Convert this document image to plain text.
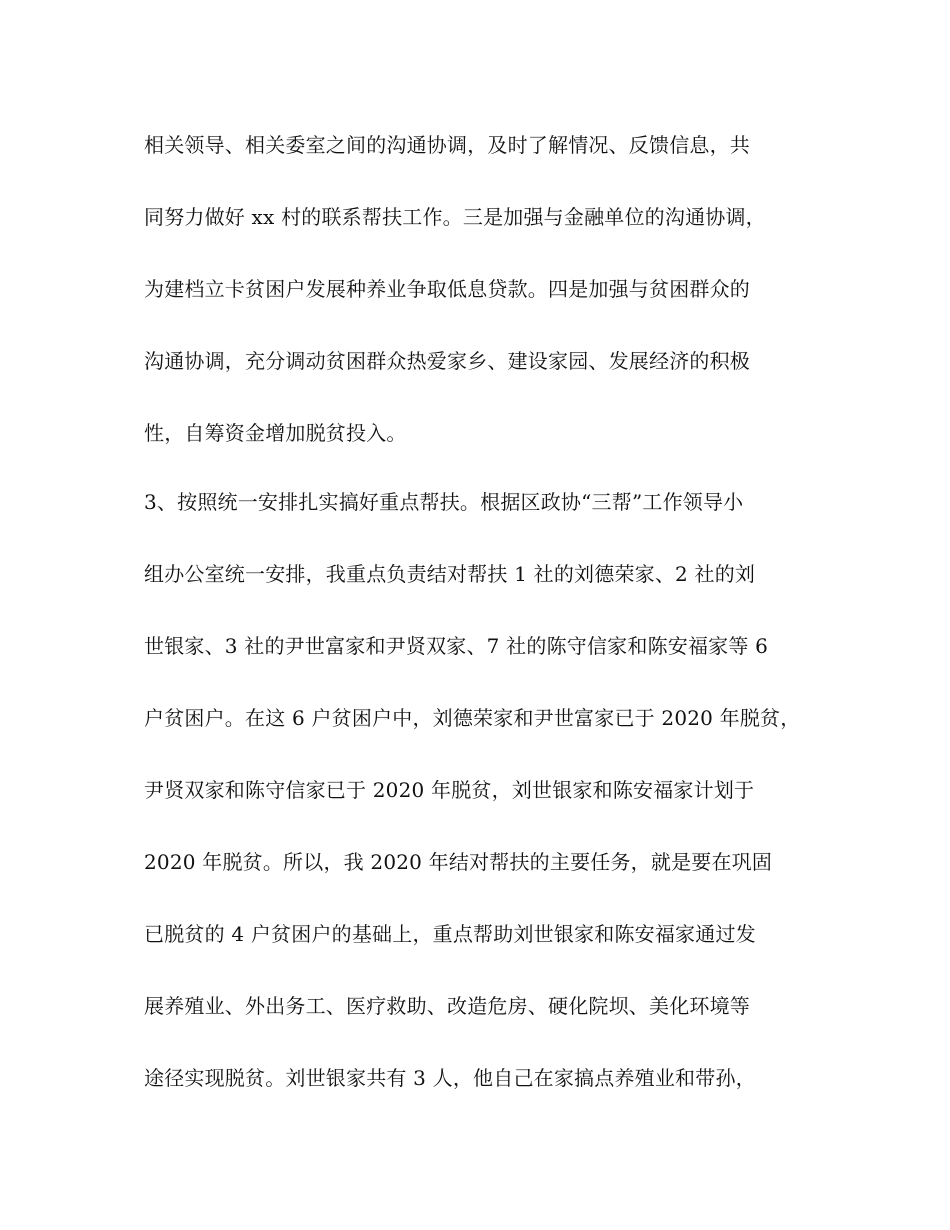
相关领导、相关委室之间的沟通协调，及时了解情况、反馈信息，共
同努力做好 xx 村的联系帮扶工作。三是加强与金融单位的沟通协调，
为建档立卡贫困户发展种养业争取低息贷款。四是加强与贫困群众的
沟通协调，充分调动贫困群众热爱家乡、建设家园、发展经济的积极
性，自筹资金增加脱贫投入。
3、按照统一安排扎实搞好重点帮扶。根据区政协“三帮”工作领导小
组办公室统一安排，我重点负责结对帮扶 1 社的刘德荣家、2 社的刘
世银家、3 社的尹世富家和尹贤双家、7 社的陈守信家和陈安福家等 6
户贫困户。在这 6 户贫困户中，刘德荣家和尹世富家已于 2020 年脱贫，
尹贤双家和陈守信家已于 2020 年脱贫，刘世银家和陈安福家计划于
2020 年脱贫。所以，我 2020 年结对帮扶的主要任务，就是要在巩固
已脱贫的 4 户贫困户的基础上，重点帮助刘世银家和陈安福家通过发
展养殖业、外出务工、医疗救助、改造危房、硬化院坝、美化环境等
途径实现脱贫。刘世银家共有 3 人，他自己在家搞点养殖业和带孙，
